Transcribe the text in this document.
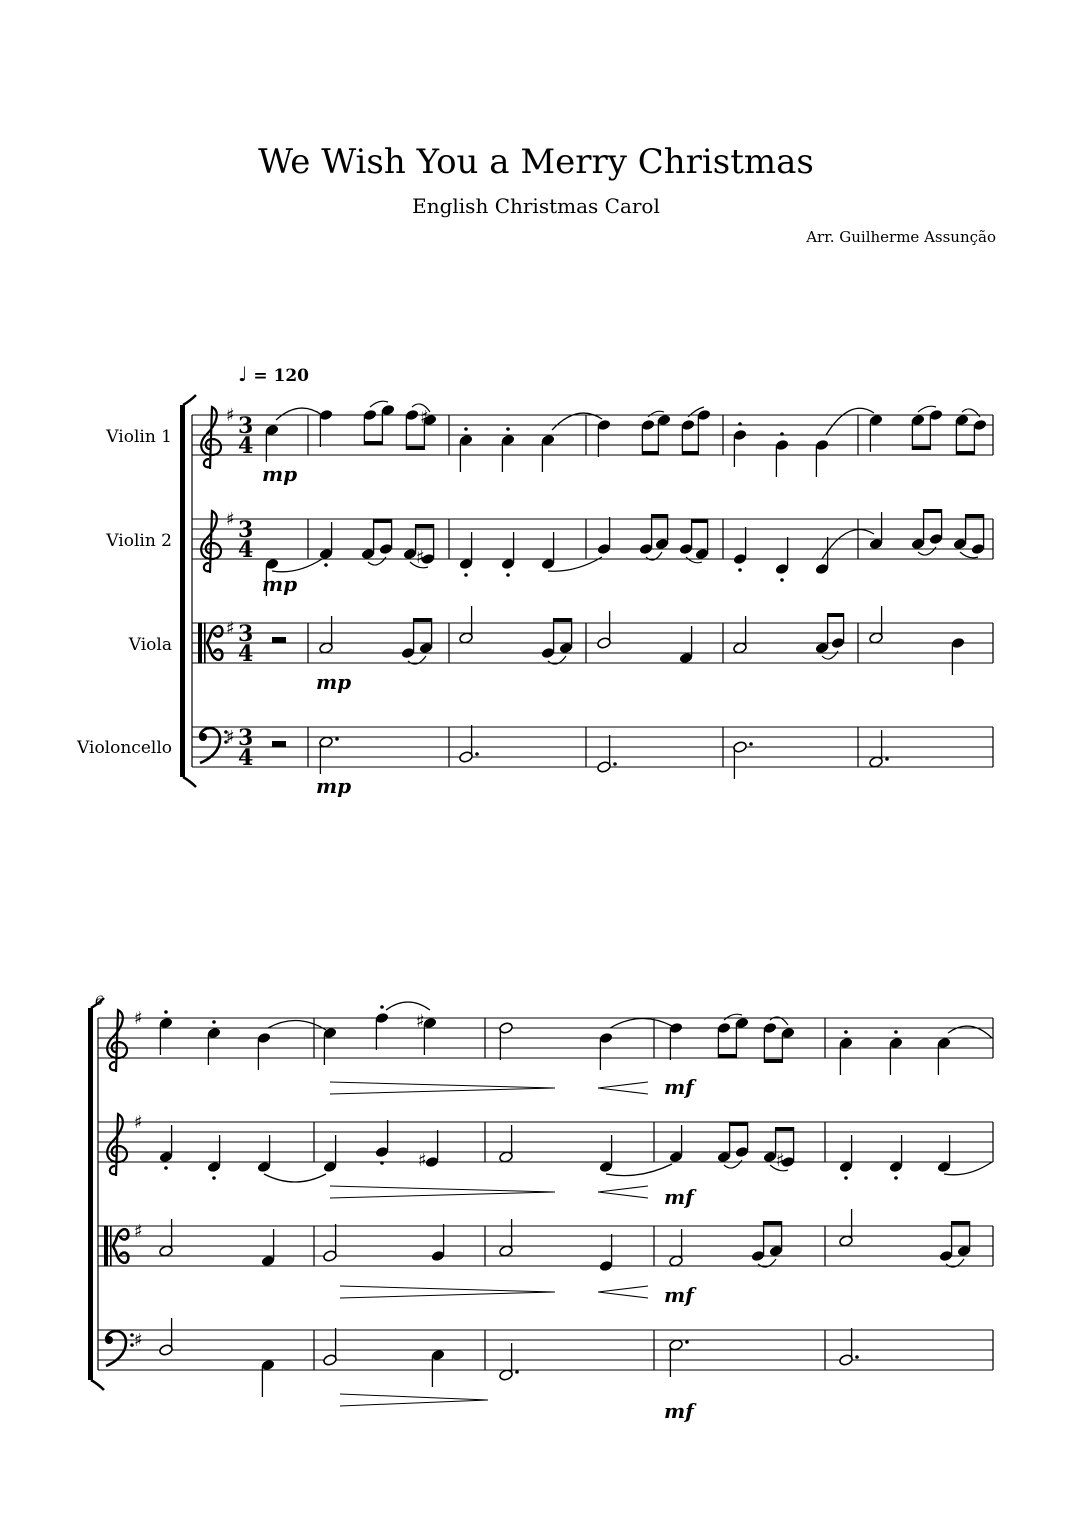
We Wish You a Merry Christmas
English Christmas Carol
Arr. Guilherme Assunção
♩ = 120
Violin 1
Violin 2
Viola
Violoncello
6
♯ 3
4
♯ 3
4
♯ 3
4
♯ 3
4
mp
♯
mp
♯
mp
mp
♯
♯
♯
♯
♯
mf
♯
mf
♯
mf
mf
